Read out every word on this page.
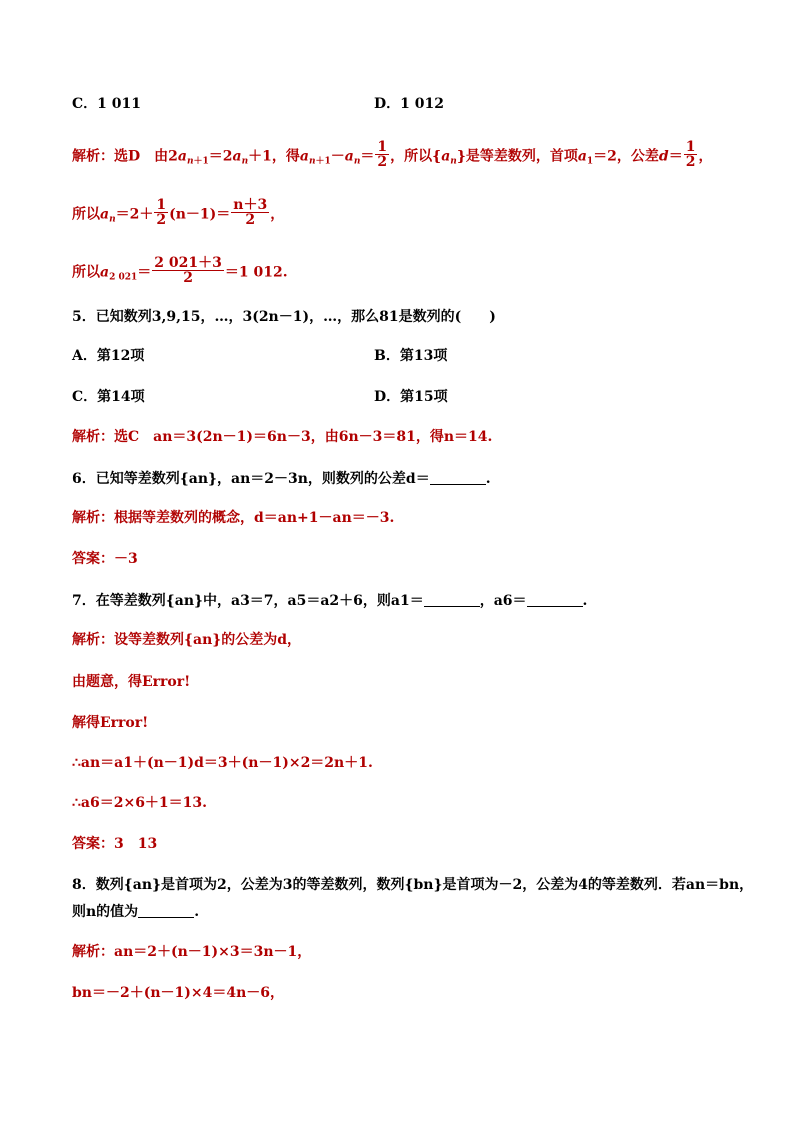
C．1 011	D．1 012
解析：选D　由$2a_{n+1}=2a_n+1$，得$a_{n+1}-a_n= \frac{1}{2}$ ，所以$\{a_n\}$是等差数列，首项$a_1=2$，公差$d= \frac{1}{2}$ ，
所以$a_n=2+ \frac{1}{2} (n-1)= \frac{n+3}{2}$ ，
所以$a_{2 021}= \frac{2 021+3}{2} =1$ 012.
5．已知数列3,9,15，…，3(2n－1)，…，那么81是数列的(　　)
A．第12项	B．第13项
C．第14项	D．第15项
解析：选C　an＝3(2n－1)＝6n－3，由6n－3＝81，得n＝14.
6．已知等差数列{an}，an＝2－3n，则数列的公差d＝	.
解析：根据等差数列的概念，d＝an+1－an＝－3.
答案：－3
7．在等差数列{an}中，a3＝7，a5＝a2＋6，则a1＝	，a6＝	.
解析：设等差数列{an}的公差为d，
由题意，得Error!
解得Error!
∴an＝a1＋(n－1)d＝3＋(n－1)×2＝2n＋1.
∴a6＝2×6＋1＝13.
答案：3　13
8．数列{an}是首项为2，公差为3的等差数列，数列{bn}是首项为－2，公差为4的等差数列．若an＝bn，
则n的值为	.
解析：an＝2＋(n－1)×3＝3n－1，
bn＝－2＋(n－1)×4＝4n－6，
